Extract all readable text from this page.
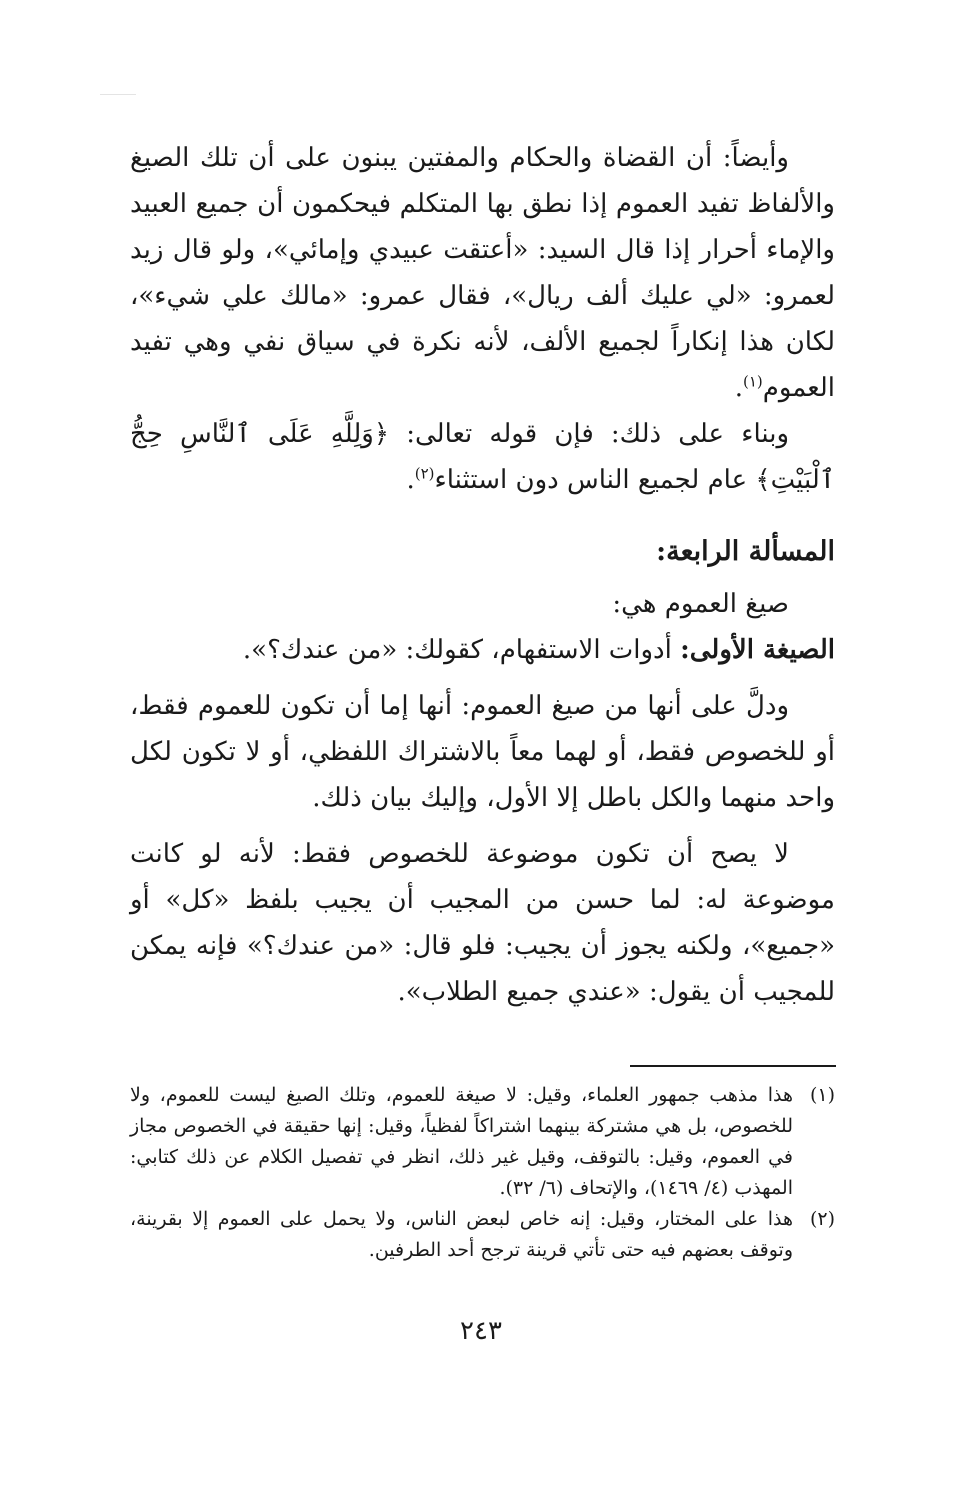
وأيضاً: أن القضاة والحكام والمفتين يبنون على أن تلك الصيغ والألفاظ تفيد العموم إذا نطق بها المتكلم فيحكمون أن جميع العبيد والإماء أحرار إذا قال السيد: «أعتقت عبيدي وإمائي»، ولو قال زيد لعمرو: «لي عليك ألف ريال»، فقال عمرو: «مالك علي شيء»، لكان هذا إنكاراً لجميع الألف، لأنه نكرة في سياق نفي وهي تفيد العموم$^{(١)}$.

وبناء على ذلك: فإن قوله تعالى: ﴿وَلِلَّهِ عَلَى ٱلنَّاسِ حِجُّ ٱلْبَيْتِ﴾ عام لجميع الناس دون استثناء$^{(٢)}$.

المسألة الرابعة:

صيغ العموم هي:

الصيغة الأولى: أدوات الاستفهام، كقولك: «من عندك؟».

ودلَّ على أنها من صيغ العموم: أنها إما أن تكون للعموم فقط، أو للخصوص فقط، أو لهما معاً بالاشتراك اللفظي، أو لا تكون لكل واحد منهما والكل باطل إلا الأول، وإليك بيان ذلك.

لا يصح أن تكون موضوعة للخصوص فقط: لأنه لو كانت موضوعة له: لما حسن من المجيب أن يجيب بلفظ «كل» أو «جميع»، ولكنه يجوز أن يجيب: فلو قال: «من عندك؟» فإنه يمكن للمجيب أن يقول: «عندي جميع الطلاب».

(١)
هذا مذهب جمهور العلماء، وقيل: لا صيغة للعموم، وتلك الصيغ ليست للعموم، ولا للخصوص، بل هي مشتركة بينهما اشتراكاً لفظياً، وقيل: إنها حقيقة في الخصوص مجاز في العموم، وقيل: بالتوقف، وقيل غير ذلك، انظر في تفصيل الكلام عن ذلك كتابي: المهذب (٤/ ١٤٦٩)، والإتحاف (٦/ ٣٢).
(٢)
هذا على المختار، وقيل: إنه خاص لبعض الناس، ولا يحمل على العموم إلا بقرينة، وتوقف بعضهم فيه حتى تأتي قرينة ترجح أحد الطرفين.
٢٤٣
